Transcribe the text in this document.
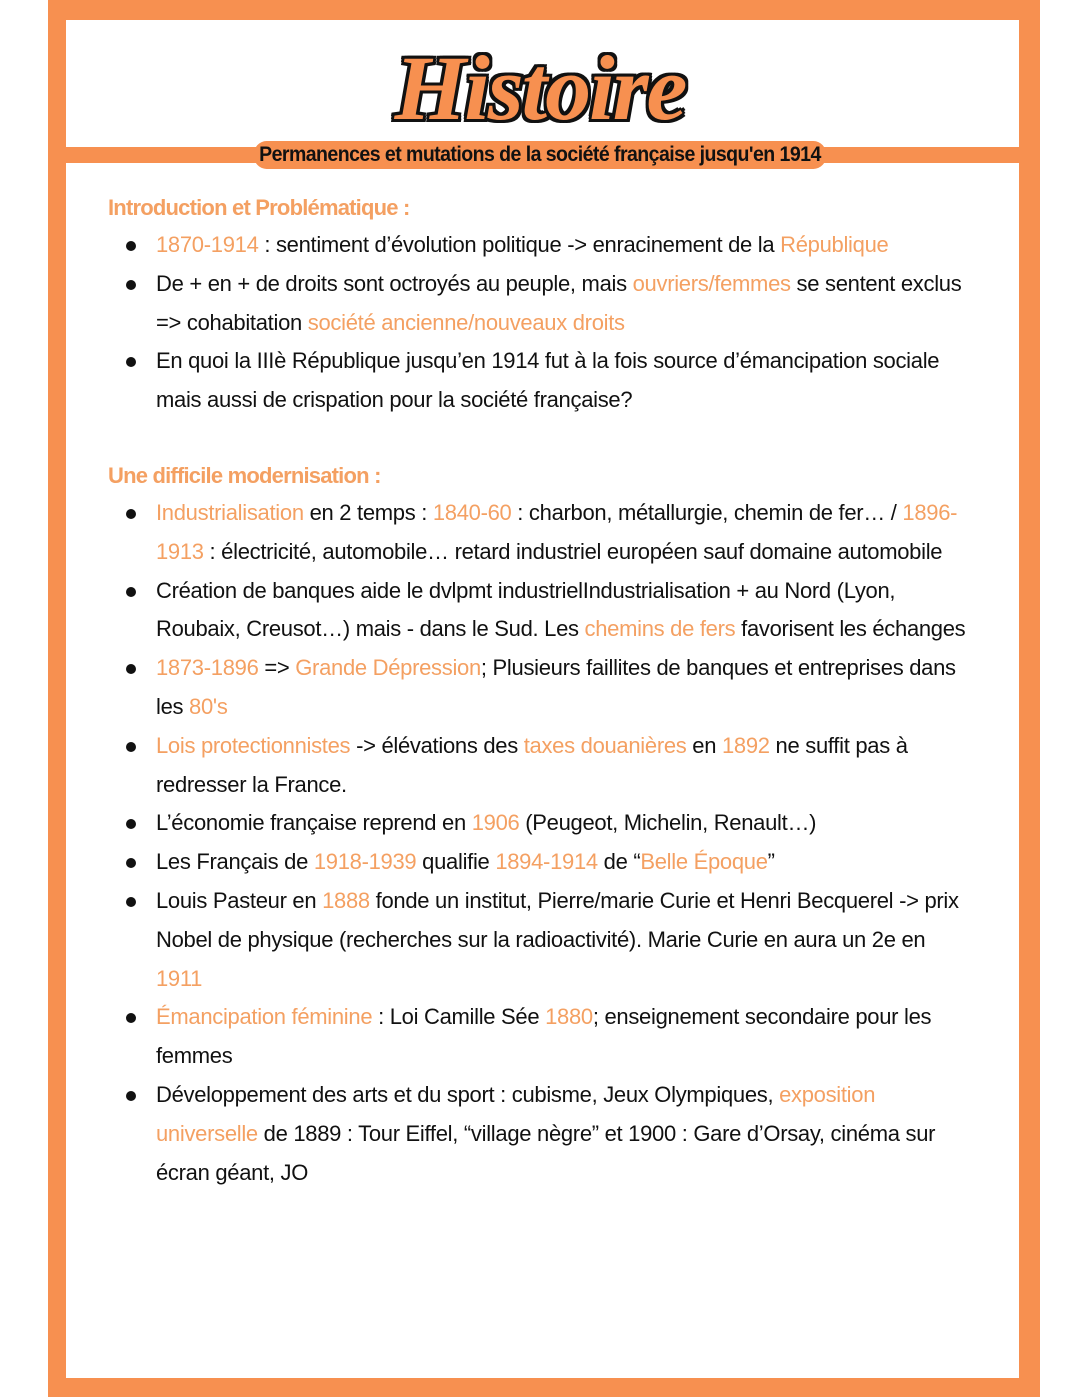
Histoire
Permanences et mutations de la société française jusqu'en 1914
Introduction et Problématique :
1870-1914 : sentiment d’évolution politique -> enracinement de la République
De + en + de droits sont octroyés au peuple, mais ouvriers/femmes se sentent exclus => cohabitation société ancienne/nouveaux droits
En quoi la IIIè République jusqu’en 1914 fut à la fois source d’émancipation sociale mais aussi de crispation pour la société française?
Une difficile modernisation :
Industrialisation en 2 temps : 1840-60 : charbon, métallurgie, chemin de fer… / 1896-1913 : électricité, automobile… retard industriel européen sauf domaine automobile
Création de banques aide le dvlpmt industrielIndustrialisation + au Nord (Lyon, Roubaix, Creusot…) mais - dans le Sud. Les chemins de fers favorisent les échanges
1873-1896 => Grande Dépression; Plusieurs faillites de banques et entreprises dans les 80's
Lois protectionnistes -> élévations des taxes douanières en 1892 ne suffit pas à redresser la France.
L’économie française reprend en 1906 (Peugeot, Michelin, Renault…)
Les Français de 1918-1939 qualifie 1894-1914 de “Belle Époque”
Louis Pasteur en 1888 fonde un institut, Pierre/marie Curie et Henri Becquerel -> prix Nobel de physique (recherches sur la radioactivité). Marie Curie en aura un 2e en 1911
Émancipation féminine : Loi Camille Sée 1880; enseignement secondaire pour les femmes
Développement des arts et du sport : cubisme, Jeux Olympiques, exposition universelle de 1889 : Tour Eiffel, “village nègre” et 1900 : Gare d’Orsay, cinéma sur écran géant, JO
